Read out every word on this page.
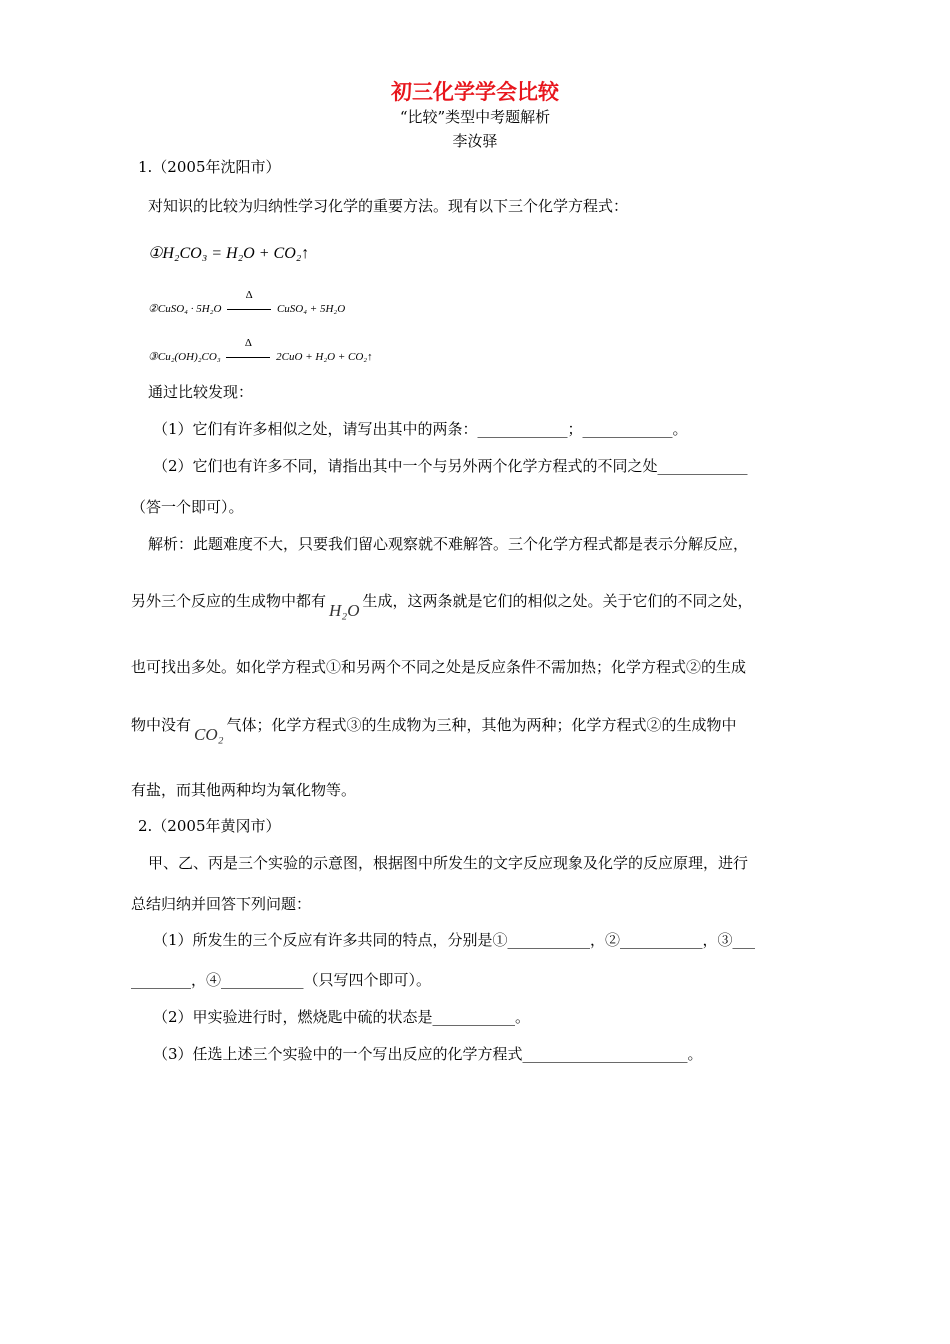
初三化学学会比较
“比较”类型中考题解析
李汝驿
1.（2005年沈阳市）
对知识的比较为归纳性学习化学的重要方法。现有以下三个化学方程式：
①H₂CO₃ = H₂O + CO₂↑
②CuSO₄ · 5H₂O
Δ
CuSO₄ + 5H₂O
③Cu₂(OH)₂CO₃
Δ
2CuO + H₂O + CO₂↑
通过比较发现：
（1）它们有许多相似之处，请写出其中的两条：____________；____________。
（2）它们也有许多不同，请指出其中一个与另外两个化学方程式的不同之处____________
（答一个即可）。
解析：此题难度不大，只要我们留心观察就不难解答。三个化学方程式都是表示分解反应，
另外三个反应的生成物中都有 H₂O 生成，这两条就是它们的相似之处。关于它们的不同之处，
也可找出多处。如化学方程式①和另两个不同之处是反应条件不需加热；化学方程式②的生成
物中没有 CO₂ 气体；化学方程式③的生成物为三种，其他为两种；化学方程式②的生成物中
有盐，而其他两种均为氧化物等。
2.（2005年黄冈市）
甲、乙、丙是三个实验的示意图，根据图中所发生的文字反应现象及化学的反应原理，进行
总结归纳并回答下列问题：
（1）所发生的三个反应有许多共同的特点，分别是①___________，②___________，③___
________，④___________（只写四个即可）。
（2）甲实验进行时，燃烧匙中硫的状态是___________。
（3）任选上述三个实验中的一个写出反应的化学方程式______________________。
